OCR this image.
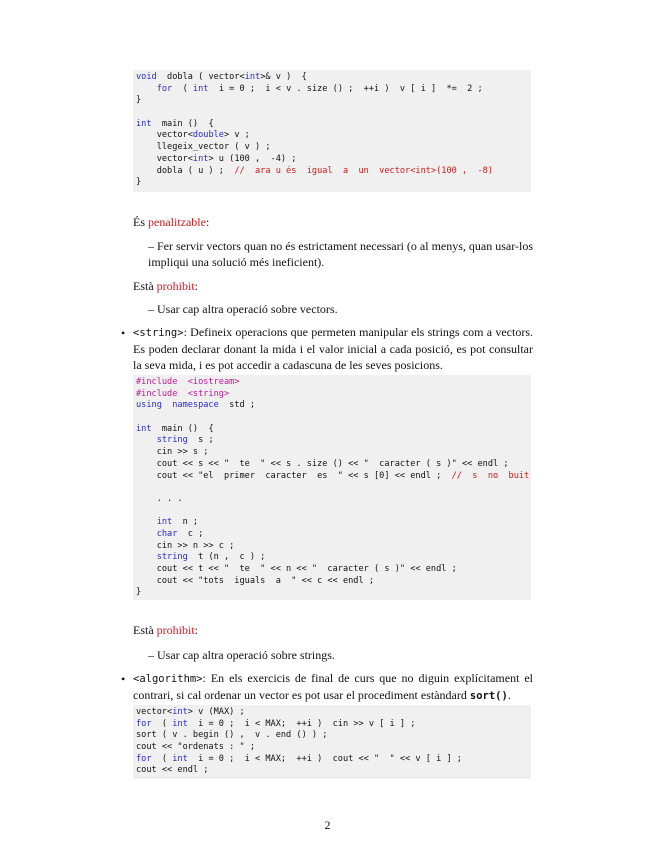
void  dobla ( vector<int>& v )  {
for  ( int  i = 0 ;  i < v . size () ;  ++i )  v [ i ]  *=  2 ;
}
int  main ()  {
vector<double> v ;
llegeix_vector ( v ) ;
vector<int> u (100 ,  -4) ;
dobla ( u ) ;  //  ara u és  igual  a  un  vector<int>(100 ,  -8)
}
És penalitzable:
– Fer servir vectors quan no és estrictament necessari (o al menys, quan usar-los impliqui una solució més ineficient).
Està prohibit:
– Usar cap altra operació sobre vectors.
• <string>: Defineix operacions que permeten manipular els strings com a vectors. Es poden declarar donant la mida i el valor inicial a cada posició, es pot consultar la seva mida, i es pot accedir a cadascuna de les seves posicions.
#include  <iostream>
#include  <string>
using  namespace  std ;
int  main ()  {
string  s ;
cin >> s ;
cout << s << "  te  " << s . size () << "  caracter ( s )" << endl ;
cout << "el  primer  caracter  es  " << s [0] << endl ;  //  s  no  buit
. . .
int  n ;
char  c ;
cin >> n >> c ;
string  t (n ,  c ) ;
cout << t << "  te  " << n << "  caracter ( s )" << endl ;
cout << "tots  iguals  a  " << c << endl ;
}
Està prohibit:
– Usar cap altra operació sobre strings.
• <algorithm>: En els exercicis de final de curs que no diguin explícitament el contrari, si cal ordenar un vector es pot usar el procediment estàndard sort().
vector<int> v (MAX) ;
for  ( int  i = 0 ;  i < MAX;  ++i )  cin >> v [ i ] ;
sort ( v . begin () ,  v . end () ) ;
cout << "ordenats : " ;
for  ( int  i = 0 ;  i < MAX;  ++i )  cout << "  " << v [ i ] ;
cout << endl ;
2
